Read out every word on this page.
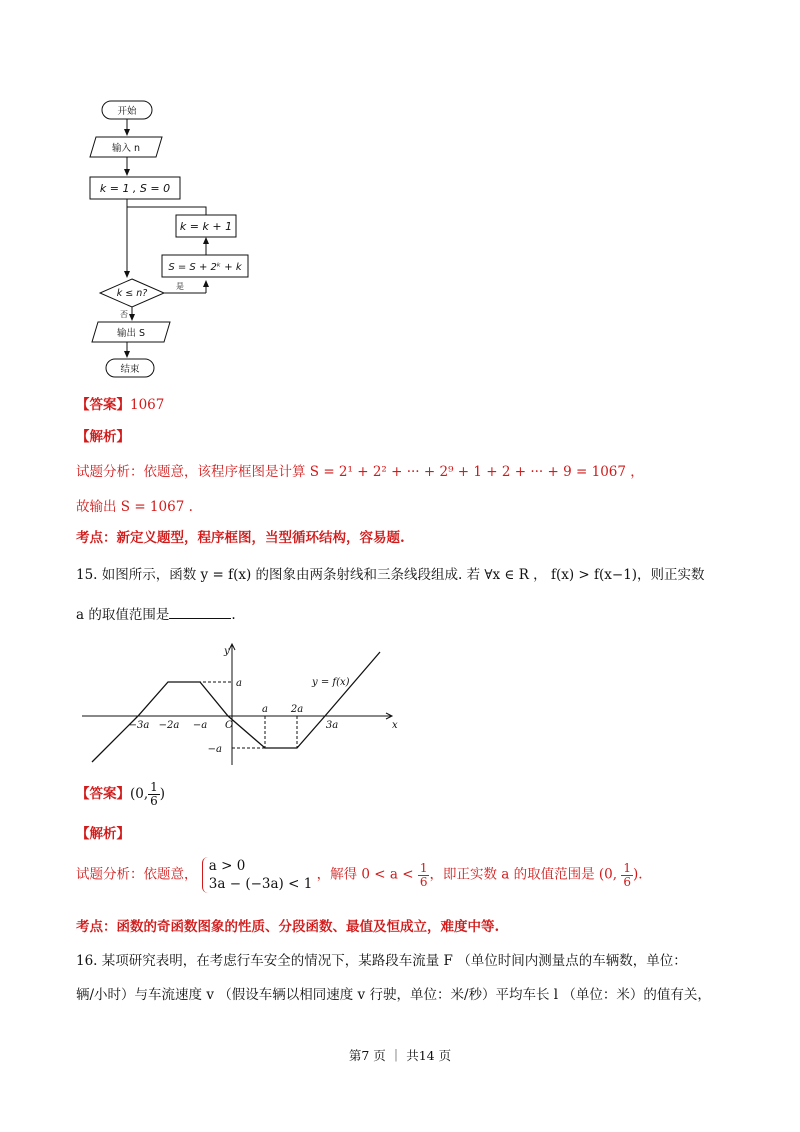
开始
输入 n
k = 1 , S = 0
k = k + 1
S = S + 2ᵏ + k
k ≤ n?
否
是
输出 S
结束
【答案】1067
【解析】
试题分析：依题意，该程序框图是计算 S = 2¹ + 2² + ··· + 2⁹ + 1 + 2 + ··· + 9 = 1067 ，
故输出 S = 1067 .
考点：新定义题型，程序框图，当型循环结构，容易题.
15. 如图所示，函数 y = f(x) 的图象由两条射线和三条线段组成. 若 ∀x ∈ R ， f(x) > f(x−1)，则正实数
a 的取值范围是	.
y
x
a
−a
y = f(x)
O
−3a −2a −a
a 2a
3a
【答案】(0, $\frac{1}{6}$ )
【解析】
试题分析：依题意，
a > 0
3a − (−3a) < 1
，解得 $0 < a < \frac{1}{6}$ ，即正实数 a 的取值范围是 (0, $\frac{1}{6}$ ).
考点：函数的奇函数图象的性质、分段函数、最值及恒成立，难度中等.
16. 某项研究表明，在考虑行车安全的情况下，某路段车流量 F （单位时间内测量点的车辆数，单位：
辆/小时）与车流速度 v （假设车辆以相同速度 v 行驶，单位：米/秒）平均车长 l （单位：米）的值有关，
第7 页 ｜ 共14 页
